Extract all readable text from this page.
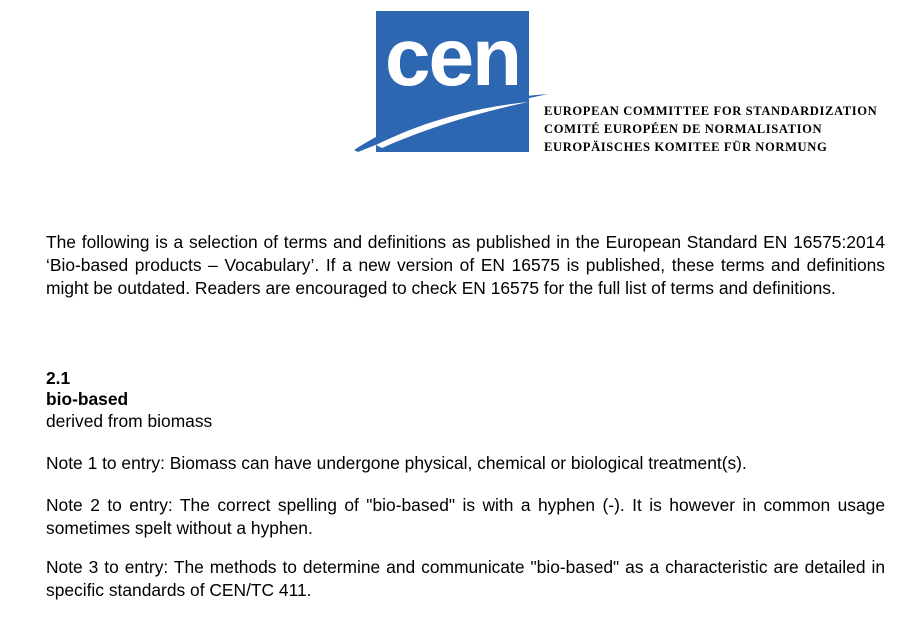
cen
EUROPEAN COMMITTEE FOR STANDARDIZATION
COMITÉ EUROPÉEN DE NORMALISATION
EUROPÄISCHES KOMITEE FÜR NORMUNG

The following is a selection of terms and definitions as published in the European Standard EN 16575:2014 ‘Bio-based products – Vocabulary’. If a new version of EN 16575 is published, these terms and definitions might be outdated. Readers are encouraged to check EN 16575 for the full list of terms and definitions.

2.1
bio-based
derived from biomass
Note 1 to entry: Biomass can have undergone physical, chemical or biological treatment(s).
Note 2 to entry: The correct spelling of "bio-based" is with a hyphen (-). It is however in common usage sometimes spelt without a hyphen.
Note 3 to entry: The methods to determine and communicate "bio-based" as a characteristic are detailed in specific standards of CEN/TC 411.
